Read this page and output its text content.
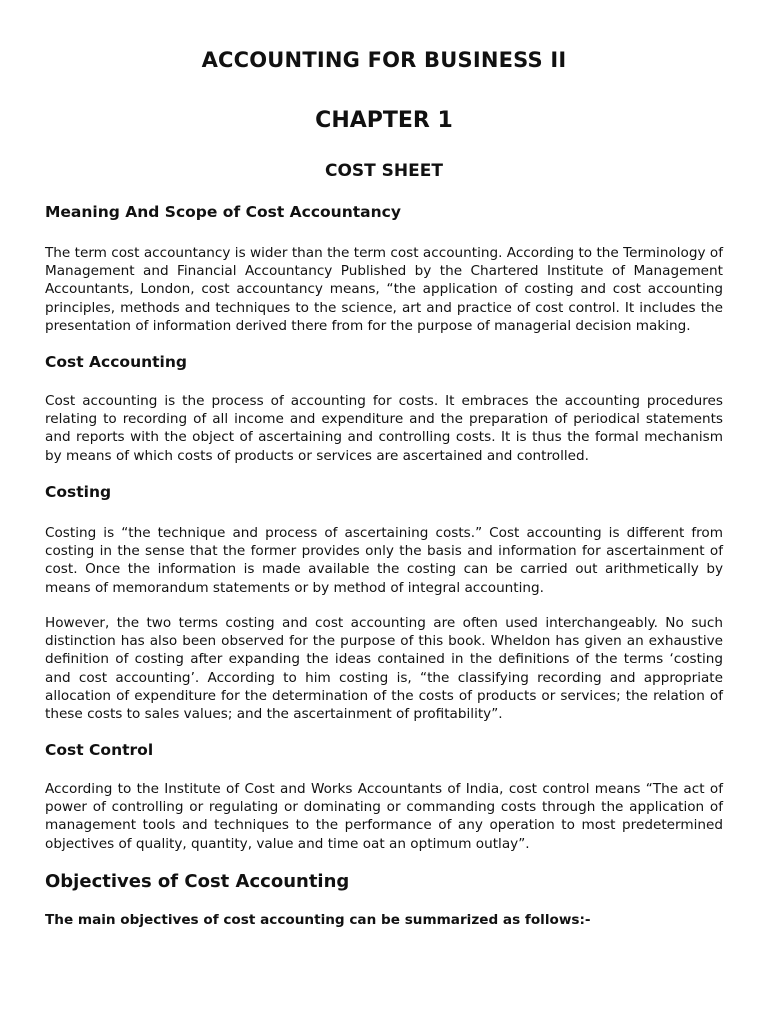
ACCOUNTING FOR BUSINESS II
CHAPTER 1
COST SHEET
Meaning And Scope of Cost Accountancy

The term cost accountancy is wider than the term cost accounting. According to the Terminology of Management and Financial Accountancy Published by the Chartered Institute of Management Accountants, London, cost accountancy means, “the application of costing and cost accounting principles, methods and techniques to the science, art and practice of cost control. It includes the presentation of information derived there from for the purpose of managerial decision making.

Cost Accounting

Cost accounting is the process of accounting for costs. It embraces the accounting procedures relating to recording of all income and expenditure and the preparation of periodical statements and reports with the object of ascertaining and controlling costs. It is thus the formal mechanism by means of which costs of products or services are ascertained and controlled.

Costing

Costing is “the technique and process of ascertaining costs.” Cost accounting is different from costing in the sense that the former provides only the basis and information for ascertainment of cost. Once the information is made available the costing can be carried out arithmetically by means of memorandum statements or by method of integral accounting.

However, the two terms costing and cost accounting are often used interchangeably. No such distinction has also been observed for the purpose of this book. Wheldon has given an exhaustive definition of costing after expanding the ideas contained in the definitions of the terms ‘costing and cost accounting’. According to him costing is, “the classifying recording and appropriate allocation of expenditure for the determination of the costs of products or services; the relation of these costs to sales values; and the ascertainment of profitability”.

Cost Control

According to the Institute of Cost and Works Accountants of India, cost control means “The act of power of controlling or regulating or dominating or commanding costs through the application of management tools and techniques to the performance of any operation to most predetermined objectives of quality, quantity, value and time oat an optimum outlay”.

Objectives of Cost Accounting

The main objectives of cost accounting can be summarized as follows:-
